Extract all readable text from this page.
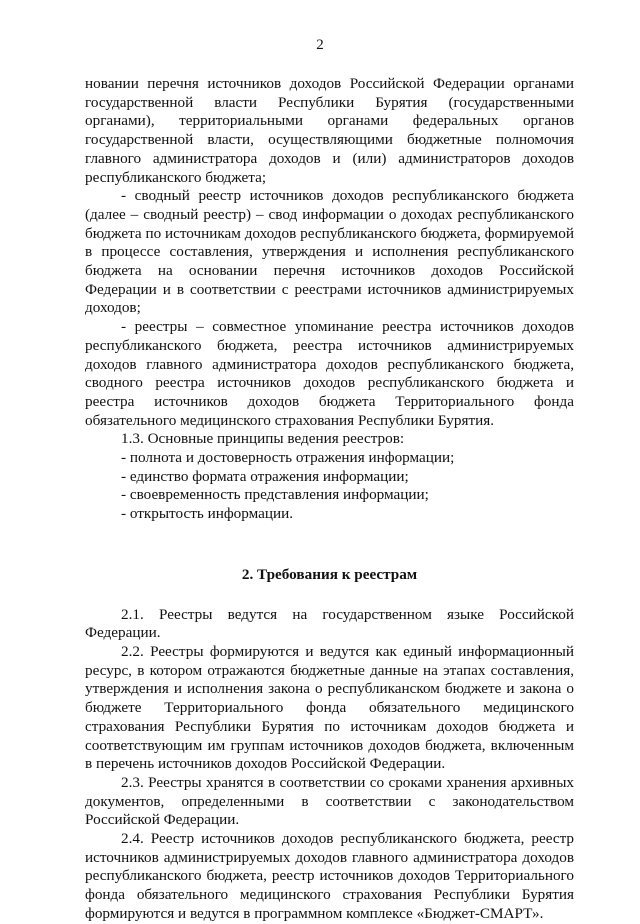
2

новании перечня источников доходов Российской Федерации органами государственной власти Республики Бурятия (государственными органами), территориальными органами федеральных органов государственной власти, осуществляющими бюджетные полномочия главного администратора доходов и (или) администраторов доходов республиканского бюджета;

- сводный реестр источников доходов республиканского бюджета (далее – сводный реестр) – свод информации о доходах республиканского бюджета по источникам доходов республиканского бюджета, формируемой в процессе составления, утверждения и исполнения республиканского бюджета на основании перечня источников доходов Российской Федерации и в соответствии с реестрами источников администрируемых доходов;

- реестры – совместное упоминание реестра источников доходов республиканского бюджета, реестра источников администрируемых доходов главного администратора доходов республиканского бюджета, сводного реестра источников доходов республиканского бюджета и реестра источников доходов бюджета Территориального фонда обязательного медицинского страхования Республики Бурятия.

1.3. Основные принципы ведения реестров:

- полнота и достоверность отражения информации;

- единство формата отражения информации;

- своевременность представления информации;

- открытость информации.

2. Требования к реестрам

2.1. Реестры ведутся на государственном языке Российской Федерации.

2.2. Реестры формируются и ведутся как единый информационный ресурс, в котором отражаются бюджетные данные на этапах составления, утверждения и исполнения закона о республиканском бюджете и закона о бюджете Территориального фонда обязательного медицинского страхования Республики Бурятия по источникам доходов бюджета и соответствующим им группам источников доходов бюджета, включенным в перечень источников доходов Российской Федерации.

2.3. Реестры хранятся в соответствии со сроками хранения архивных документов, определенными в соответствии с законодательством Российской Федерации.

2.4. Реестр источников доходов республиканского бюджета, реестр источников администрируемых доходов главного администратора доходов республиканского бюджета, реестр источников доходов Территориального фонда обязательного медицинского страхования Республики Бурятия формируются и ведутся в программном комплексе «Бюджет-СМАРТ».
